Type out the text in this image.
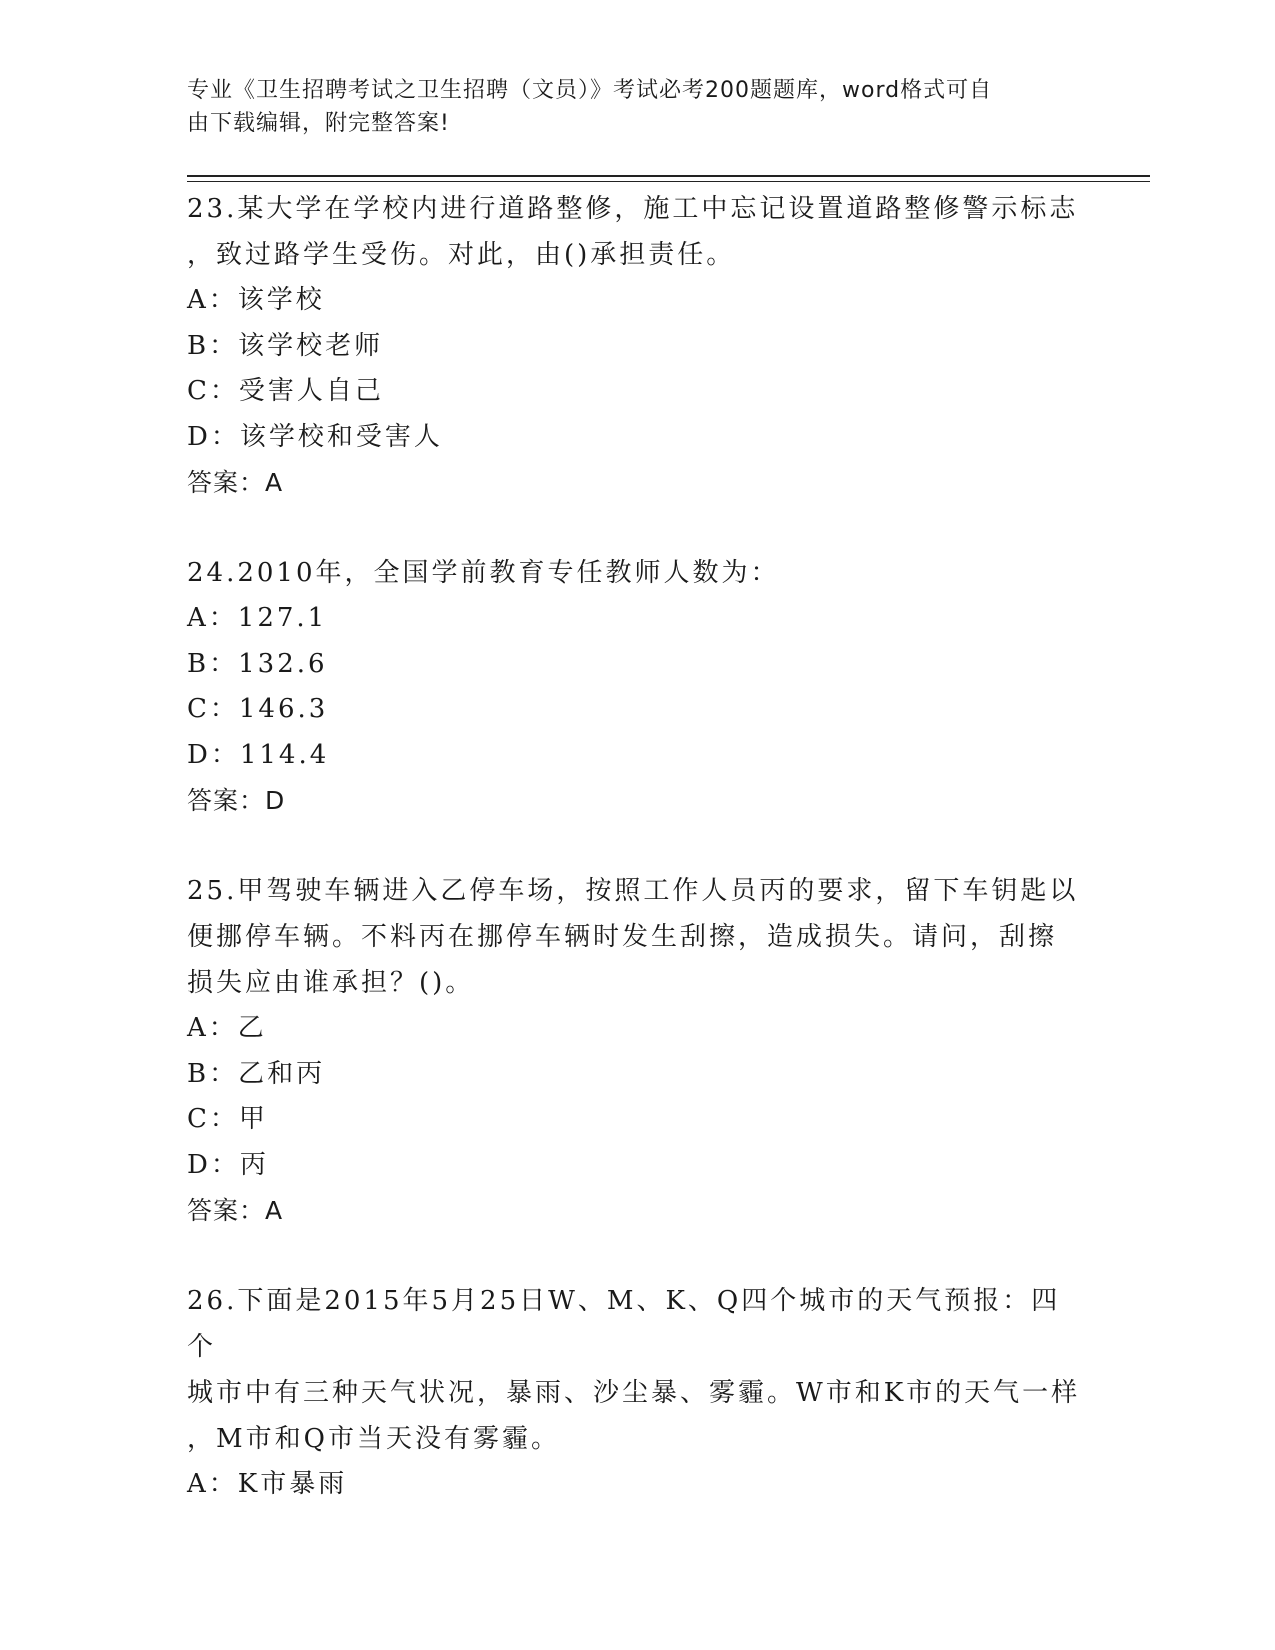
专业《卫生招聘考试之卫生招聘（文员）》考试必考200题题库，word格式可自
由下载编辑，附完整答案!
23.某大学在学校内进行道路整修，施工中忘记设置道路整修警示标志
，致过路学生受伤。对此，由()承担责任。
A：该学校
B：该学校老师
C：受害人自己
D：该学校和受害人
答案：A
24.2010年，全国学前教育专任教师人数为：
A：127.1
B：132.6
C：146.3
D：114.4
答案：D
25.甲驾驶车辆进入乙停车场，按照工作人员丙的要求，留下车钥匙以
便挪停车辆。不料丙在挪停车辆时发生刮擦，造成损失。请问，刮擦
损失应由谁承担？()。
A：乙
B：乙和丙
C：甲
D：丙
答案：A
26.下面是2015年5月25日W、M、K、Q四个城市的天气预报：四个
城市中有三种天气状况，暴雨、沙尘暴、雾霾。W市和K市的天气一样
，M市和Q市当天没有雾霾。
A：K市暴雨
